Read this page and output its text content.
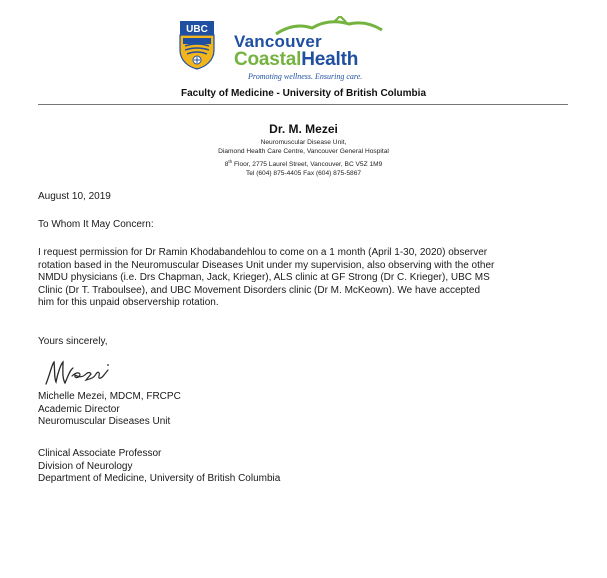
UBC
Vancouver
CoastalHealth
Promoting wellness. Ensuring care.
Faculty of Medicine - University of British Columbia
Dr. M. Mezei
Neuromuscular Disease Unit,
Diamond Health Care Centre, Vancouver General Hospital
8th Floor, 2775 Laurel Street, Vancouver, BC V5Z 1M9
Tel (604) 875-4405 Fax (604) 875-5867
August 10, 2019
To Whom It May Concern:
I request permission for Dr Ramin Khodabandehlou to come on a 1 month (April 1-30, 2020) observer
rotation based in the Neuromuscular Diseases Unit under my supervision, also observing with the other
NMDU physicians (i.e. Drs Chapman, Jack, Krieger), ALS clinic at GF Strong (Dr C. Krieger), UBC MS
Clinic (Dr T. Traboulsee), and UBC Movement Disorders clinic (Dr M. McKeown). We have accepted
him for this unpaid observership rotation.
Yours sincerely,
Michelle Mezei, MDCM, FRCPC
Academic Director
Neuromuscular Diseases Unit
Clinical Associate Professor
Division of Neurology
Department of Medicine, University of British Columbia
